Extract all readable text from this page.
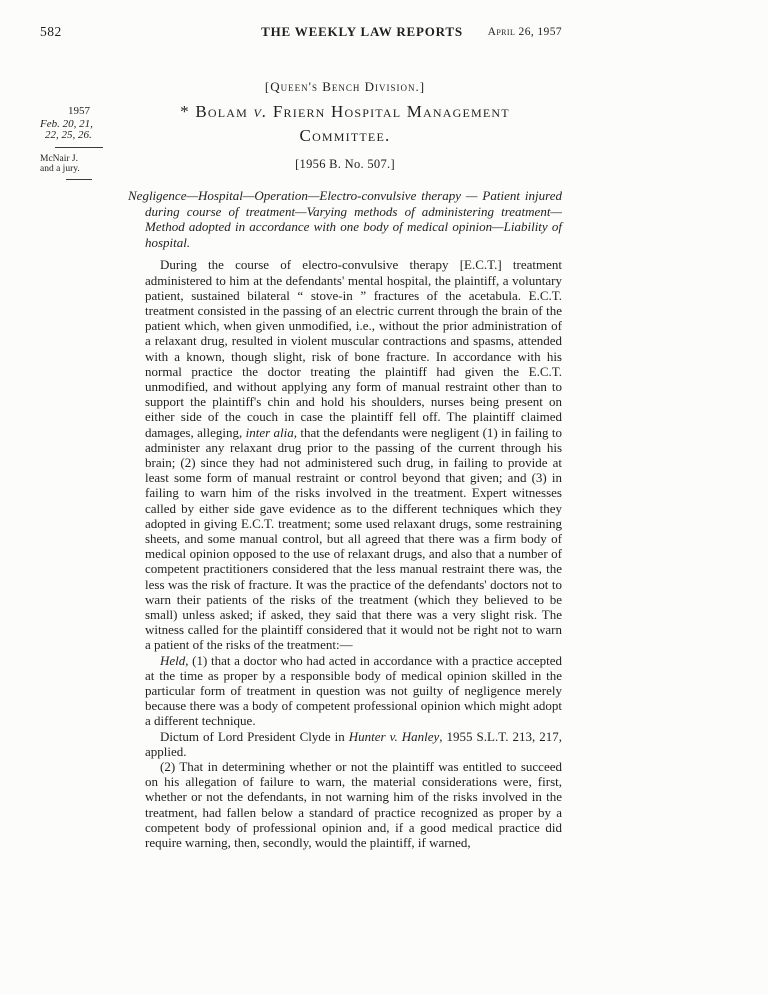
582	THE WEEKLY LAW REPORTS April 26, 1957
[Queen's Bench Division.]
1957
Feb. 20, 21,
22, 25, 26.
McNair J.
and a jury.
* Bolam v. Friern Hospital Management
Committee.
[1956 B. No. 507.]

Negligence—Hospital—Operation—Electro-convulsive therapy — Patient injured during course of treatment—Varying methods of administering treatment—Method adopted in accordance with one body of medical opinion—Liability of hospital.

During the course of electro-convulsive therapy [E.C.T.] treatment administered to him at the defendants' mental hospital, the plaintiff, a voluntary patient, sustained bilateral “ stove-in ” fractures of the acetabula. E.C.T. treatment consisted in the passing of an electric current through the brain of the patient which, when given unmodified, i.e., without the prior administration of a relaxant drug, resulted in violent muscular contractions and spasms, attended with a known, though slight, risk of bone fracture. In accordance with his normal practice the doctor treating the plaintiff had given the E.C.T. unmodified, and without applying any form of manual restraint other than to support the plaintiff's chin and hold his shoulders, nurses being present on either side of the couch in case the plaintiff fell off. The plaintiff claimed damages, alleging, inter alia, that the defendants were negligent (1) in failing to administer any relaxant drug prior to the passing of the current through his brain; (2) since they had not administered such drug, in failing to provide at least some form of manual restraint or control beyond that given; and (3) in failing to warn him of the risks involved in the treatment. Expert witnesses called by either side gave evidence as to the different techniques which they adopted in giving E.C.T. treatment; some used relaxant drugs, some restraining sheets, and some manual control, but all agreed that there was a firm body of medical opinion opposed to the use of relaxant drugs, and also that a number of competent practitioners considered that the less manual restraint there was, the less was the risk of fracture. It was the practice of the defendants' doctors not to warn their patients of the risks of the treatment (which they believed to be small) unless asked; if asked, they said that there was a very slight risk. The witness called for the plaintiff considered that it would not be right not to warn a patient of the risks of the treatment:—

Held, (1) that a doctor who had acted in accordance with a practice accepted at the time as proper by a responsible body of medical opinion skilled in the particular form of treatment in question was not guilty of negligence merely because there was a body of competent professional opinion which might adopt a different technique.

Dictum of Lord President Clyde in Hunter v. Hanley, 1955 S.L.T. 213, 217, applied.

(2) That in determining whether or not the plaintiff was entitled to succeed on his allegation of failure to warn, the material considerations were, first, whether or not the defendants, in not warning him of the risks involved in the treatment, had fallen below a standard of practice recognized as proper by a competent body of professional opinion and, if a good medical practice did require warning, then, secondly, would the plaintiff, if warned,
